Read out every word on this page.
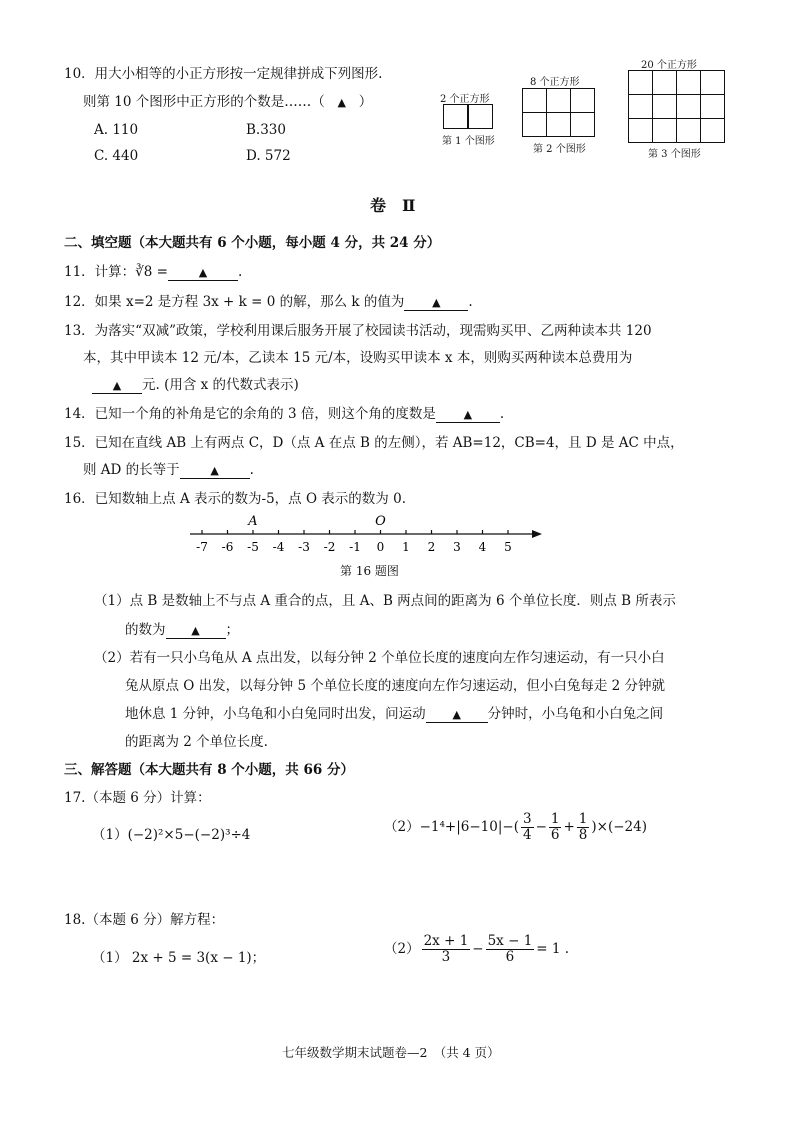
10．用大小相等的小正方形按一定规律拼成下列图形.
则第 10 个图形中正方形的个数是……（ ▲ ）
A. 110	B.330
C. 440	D. 572
2 个正方形
第 1 个图形
8 个正方形
第 2 个图形
20 个正方形
第 3 个图形
卷　Ⅱ
二、填空题（本大题共有 6 个小题，每小题 4 分，共 24 分）
11．计算：∛8 =	▲ .
12．如果 x=2 是方程 3x + k = 0 的解，那么 k 的值为	▲ .
13．为落实“双减”政策，学校利用课后服务开展了校园读书活动，现需购买甲、乙两种读本共 120
本，其中甲读本 12 元/本，乙读本 15 元/本，设购买甲读本 x 本，则购买两种读本总费用为
▲ 元. (用含 x 的代数式表示)
14．已知一个角的补角是它的余角的 3 倍，则这个角的度数是	▲ .
15．已知在直线 AB 上有两点 C，D（点 A 在点 B 的左侧），若 AB=12，CB=4，且 D 是 AC 中点，
则 AD 的长等于	▲ .
16．已知数轴上点 A 表示的数为-5，点 O 表示的数为 0.
-7 -6 -5 -4 -3 -2 -1 0 1 2 3 4 5
A	O
第 16 题图
（1）点 B 是数轴上不与点 A 重合的点，且 A、B 两点间的距离为 6 个单位长度．则点 B 所表示
的数为 ▲ ；
（2）若有一只小乌龟从 A 点出发，以每分钟 2 个单位长度的速度向左作匀速运动，有一只小白
兔从原点 O 出发，以每分钟 5 个单位长度的速度向左作匀速运动，但小白兔每走 2 分钟就
地休息 1 分钟，小乌龟和小白兔同时出发，问运动 ▲ 分钟时，小乌龟和小白兔之间
的距离为 2 个单位长度.
三、解答题（本大题共有 8 个小题，共 66 分）
17.（本题 6 分）计算：
（1）(−2)²×5−(−2)³÷4	$(2)-1^4+|6-10|-( \frac{3}{4} - \frac{1}{6} + \frac{1}{8} )\times(-24)$
18.（本题 6 分）解方程：
（1） 2x + 5 = 3(x − 1)；
$(2) \frac{2x + 1}{3} - \frac{5x - 1}{6} = 1$ .
七年级数学期末试题卷—2　（共 4 页）
